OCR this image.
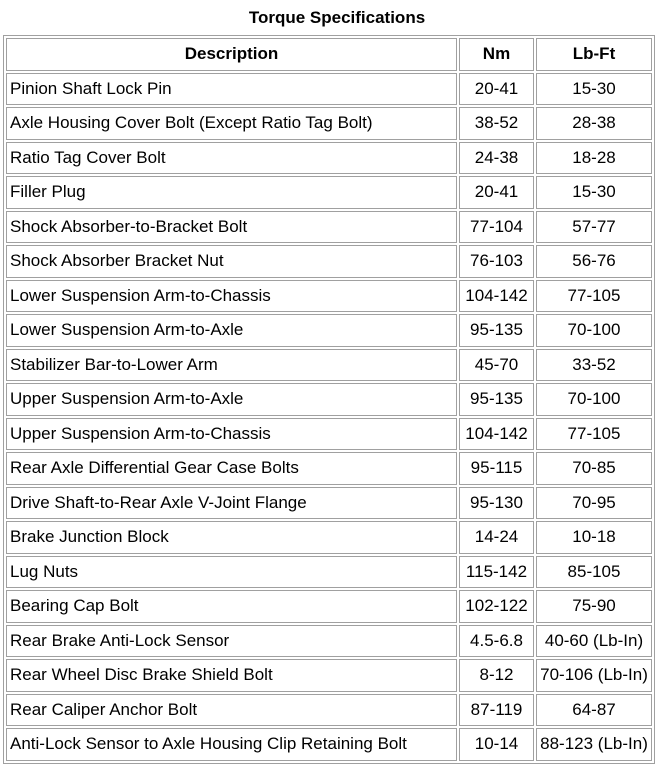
Torque Specifications
Description	Nm	Lb-Ft
Pinion Shaft Lock Pin	20-41	15-30
Axle Housing Cover Bolt (Except Ratio Tag Bolt)	38-52	28-38
Ratio Tag Cover Bolt	24-38	18-28
Filler Plug	20-41	15-30
Shock Absorber-to-Bracket Bolt	77-104	57-77
Shock Absorber Bracket Nut	76-103	56-76
Lower Suspension Arm-to-Chassis	104-142	77-105
Lower Suspension Arm-to-Axle	95-135	70-100
Stabilizer Bar-to-Lower Arm	45-70	33-52
Upper Suspension Arm-to-Axle	95-135	70-100
Upper Suspension Arm-to-Chassis	104-142	77-105
Rear Axle Differential Gear Case Bolts	95-115	70-85
Drive Shaft-to-Rear Axle V-Joint Flange	95-130	70-95
Brake Junction Block	14-24	10-18
Lug Nuts	115-142	85-105
Bearing Cap Bolt	102-122	75-90
Rear Brake Anti-Lock Sensor	4.5-6.8	40-60 (Lb-In)
Rear Wheel Disc Brake Shield Bolt	8-12	70-106 (Lb-In)
Rear Caliper Anchor Bolt	87-119	64-87
Anti-Lock Sensor to Axle Housing Clip Retaining Bolt	10-14	88-123 (Lb-In)
